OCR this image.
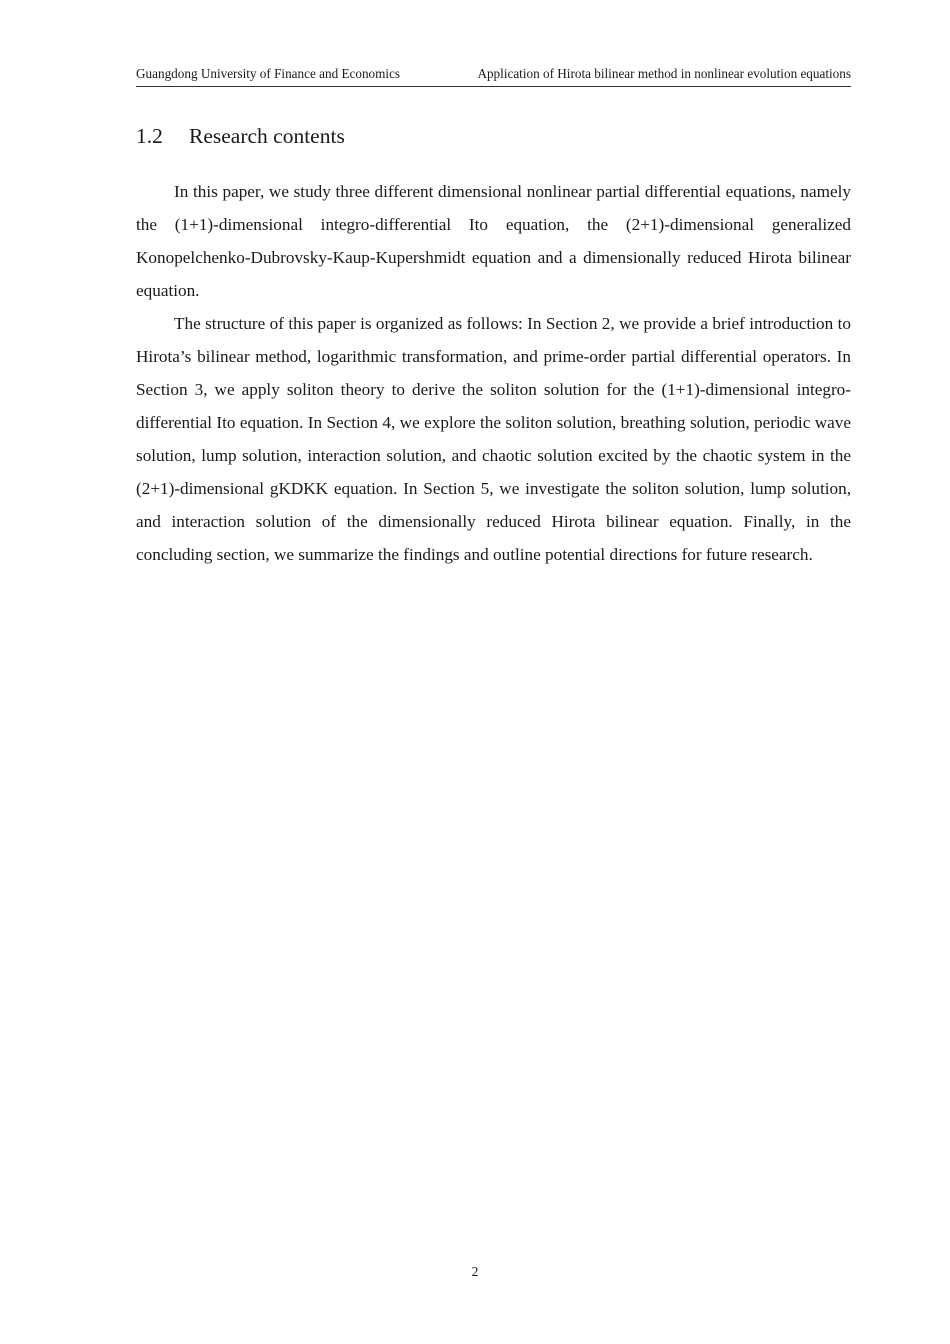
Guangdong University of Finance and Economics	Application of Hirota bilinear method in nonlinear evolution equations
1.2 Research contents

In this paper, we study three different dimensional nonlinear partial differential equations, namely the (1+1)-dimensional integro-differential Ito equation, the (2+1)-dimensional generalized Konopelchenko-Dubrovsky-Kaup-Kupershmidt equation and a dimensionally reduced Hirota bilinear equation.

The structure of this paper is organized as follows: In Section 2, we provide a brief introduction to Hirota’s bilinear method, logarithmic transformation, and prime-order partial differential operators. In Section 3, we apply soliton theory to derive the soliton solution for the (1+1)-dimensional integro-differential Ito equation. In Section 4, we explore the soliton solution, breathing solution, periodic wave solution, lump solution, interaction solution, and chaotic solution excited by the chaotic system in the (2+1)-dimensional gKDKK equation. In Section 5, we investigate the soliton solution, lump solution, and interaction solution of the dimensionally reduced Hirota bilinear equation. Finally, in the concluding section, we summarize the findings and outline potential directions for future research.

2
